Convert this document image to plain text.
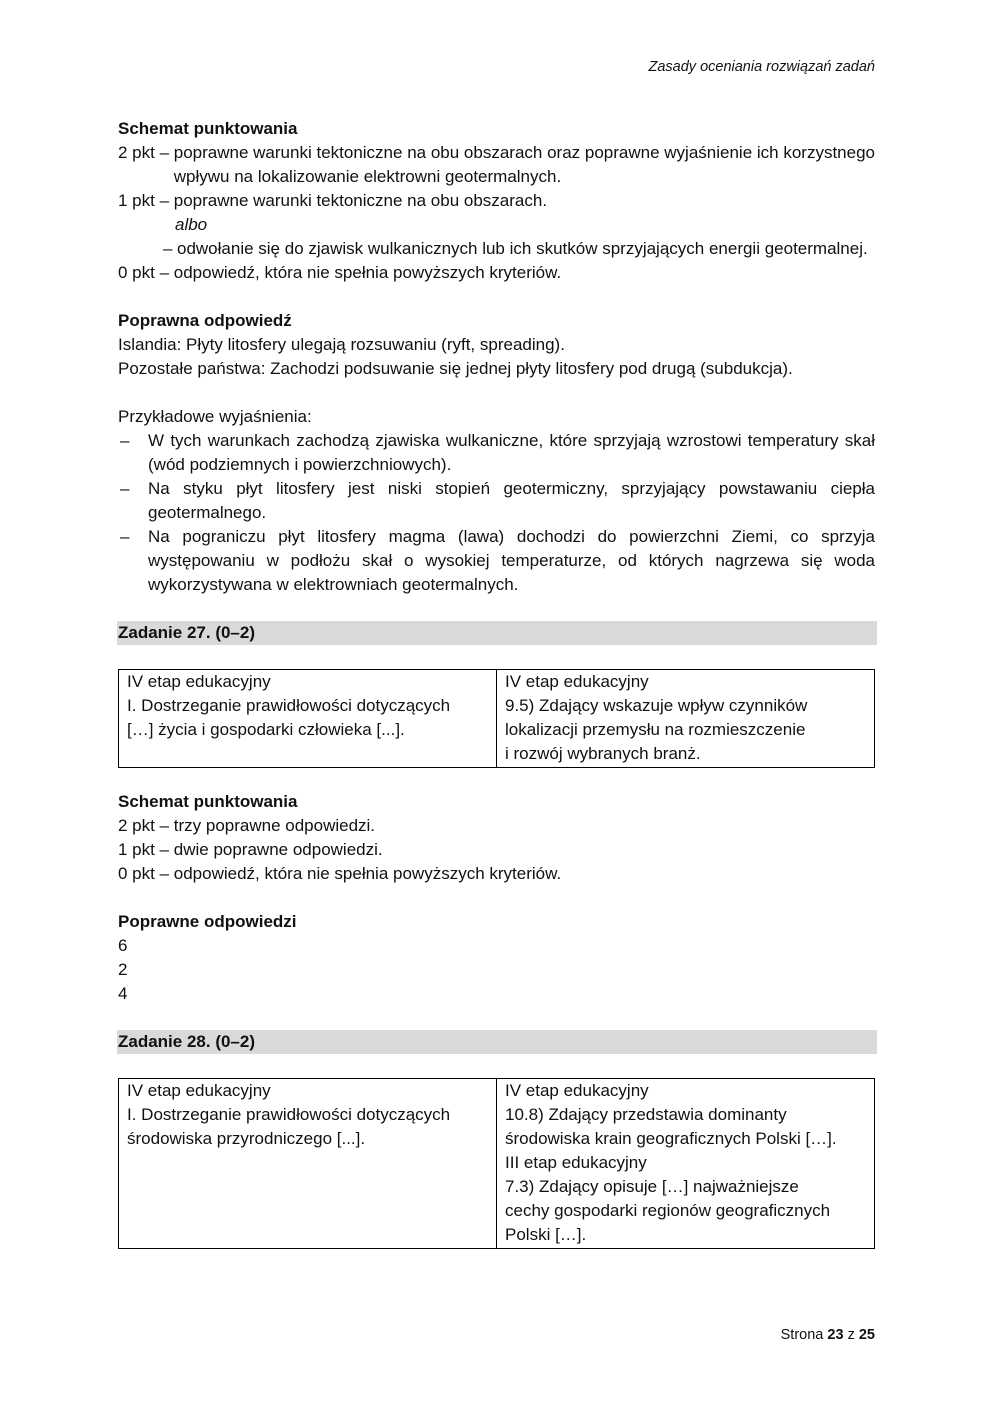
Zasady oceniania rozwiązań zadań
Schemat punktowania
2 pkt – poprawne warunki tektoniczne na obu obszarach oraz poprawne wyjaśnienie ich korzystnego wpływu na lokalizowanie elektrowni geotermalnych.
1 pkt – poprawne warunki tektoniczne na obu obszarach.
albo
– odwołanie się do zjawisk wulkanicznych lub ich skutków sprzyjających energii geotermalnej.
0 pkt – odpowiedź, która nie spełnia powyższych kryteriów.
Poprawna odpowiedź
Islandia: Płyty litosfery ulegają rozsuwaniu (ryft, spreading).
Pozostałe państwa: Zachodzi podsuwanie się jednej płyty litosfery pod drugą (subdukcja).
Przykładowe wyjaśnienia:
–	W tych warunkach zachodzą zjawiska wulkaniczne, które sprzyjają wzrostowi temperatury skał (wód podziemnych i powierzchniowych).
–	Na styku płyt litosfery jest niski stopień geotermiczny, sprzyjający powstawaniu ciepła geotermalnego.
–	Na pograniczu płyt litosfery magma (lawa) dochodzi do powierzchni Ziemi, co sprzyja występowaniu w podłożu skał o wysokiej temperaturze, od których nagrzewa się woda wykorzystywana w elektrowniach geotermalnych.
Zadanie 27. (0–2)
IV etap edukacyjny
I. Dostrzeganie prawidłowości dotyczących
[…] życia i gospodarki człowieka [...].

IV etap edukacyjny
9.5) Zdający wskazuje wpływ czynników
lokalizacji przemysłu na rozmieszczenie
i rozwój wybranych branż.
Schemat punktowania
2 pkt – trzy poprawne odpowiedzi.
1 pkt – dwie poprawne odpowiedzi.
0 pkt – odpowiedź, która nie spełnia powyższych kryteriów.
Poprawne odpowiedzi
6
2
4
Zadanie 28. (0–2)
IV etap edukacyjny
I. Dostrzeganie prawidłowości dotyczących
środowiska przyrodniczego [...].

IV etap edukacyjny
10.8) Zdający przedstawia dominanty
środowiska krain geograficznych Polski […].
III etap edukacyjny
7.3) Zdający opisuje […] najważniejsze
cechy gospodarki regionów geograficznych
Polski […].
Strona 23 z 25
